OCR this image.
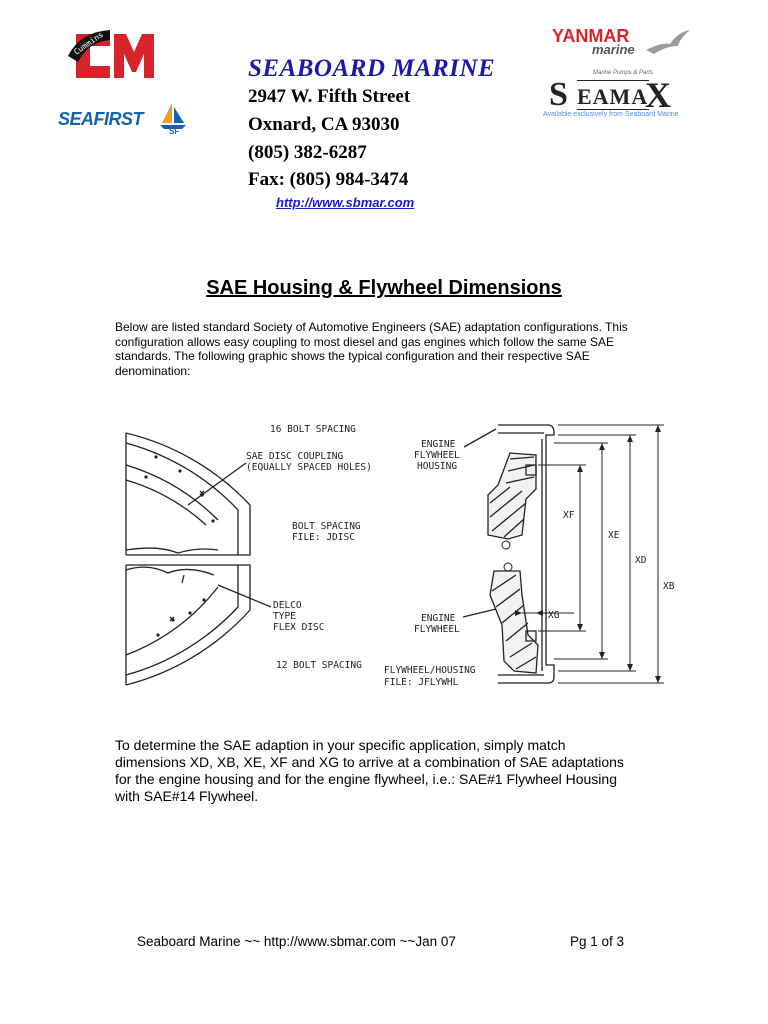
Cummins
SEAFIRST
SF
YANMAR
marine
Marine Pumps & Parts
S EAMA
X
Available exclusively from Seaboard Marine
SEABOARD MARINE
2947 W. Fifth Street
Oxnard, CA 93030
(805) 382-6287
Fax: (805) 984-3474
http://www.sbmar.com
SAE Housing & Flywheel Dimensions
Below are listed standard Society of Automotive Engineers (SAE) adaptation configurations. This configuration allows easy coupling to most diesel and gas engines which follow the same SAE standards. The following graphic shows the typical configuration and their respective SAE denomination:
16 BOLT SPACING
SAE DISC COUPLING
(EQUALLY SPACED HOLES)
BOLT SPACING
FILE: JDISC
DELCO
TYPE
FLEX DISC
12 BOLT SPACING
ENGINE
FLYWHEEL
HOUSING
ENGINE
FLYWHEEL
FLYWHEEL/HOUSING
FILE: JFLYWHL
XF
XE
XD
XB
XG
To determine the SAE adaption in your specific application, simply match dimensions XD, XB, XE, XF and XG to arrive at a combination of SAE adaptations for the engine housing and for the engine flywheel, i.e.: SAE#1 Flywheel Housing with SAE#14 Flywheel.
Seaboard Marine ~~ http://www.sbmar.com ~~Jan 07	Pg 1 of 3
